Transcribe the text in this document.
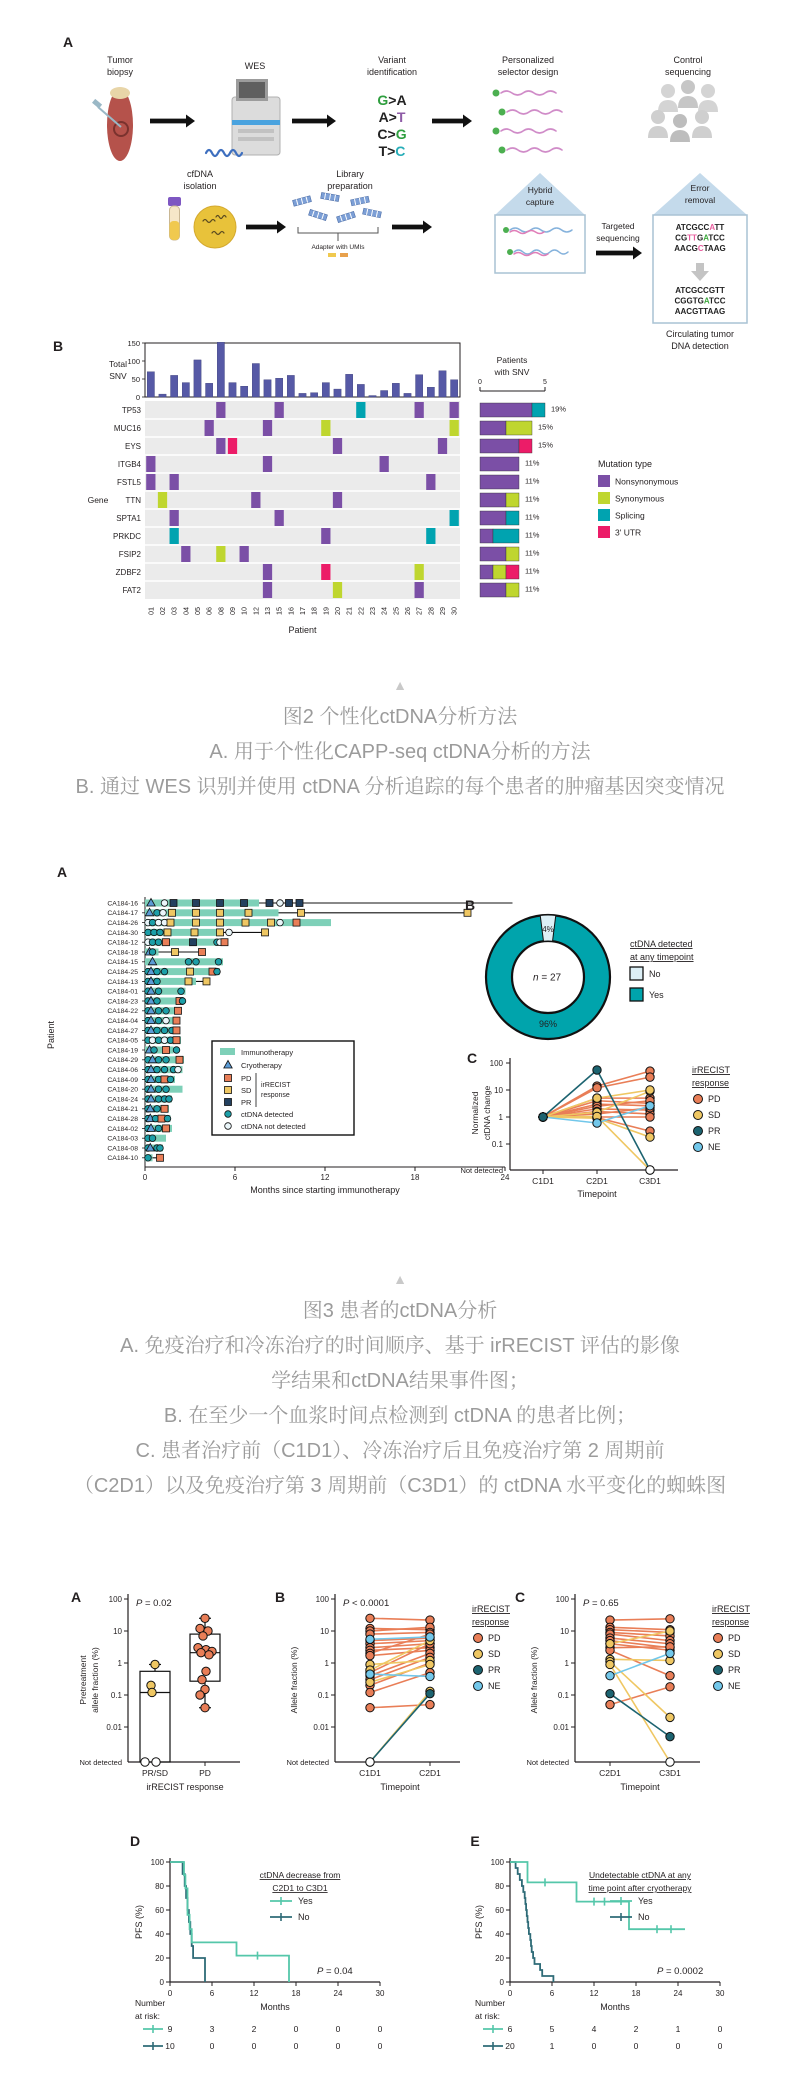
A
Tumor
biopsy
WES
Variant
identification
Personalized
selector design
Control
sequencing
G>A
A>T
C>G
T>C
cfDNA
isolation
Library
preparation
Adapter with UMIs
Hybrid
capture
Targeted
sequencing
Error
removal
ATCGCCATT
CGTTGATCC
AACGCTAAG
ATCGCCGTT
CGGTGATCC
AACGTTAAG
Circulating tumor
DNA detection
B	150
100
50
0
Total
SNV
Patients
with SNV
0	5
TP53
MUC16
EYS
ITGB4
FSTL5
TTN
SPTA1
PRKDC
FSIP2
ZDBF2
FAT2
01 02 03 04 05 06 08 09 10 12 13 15 16 17 18 19 20 21 22 23 24 25 26 27 28 29 30
Gene
Patient
19%
15%
15%
11%
11%
11%
11%
11%
11%
11%
11%
Mutation type
Nonsynonymous
Synonymous
Splicing
3' UTR
▲
图2 个性化ctDNA分析方法
A. 用于个性化CAPP-seq ctDNA分析的方法
B. 通过 WES 识别并使用 ctDNA 分析追踪的每个患者的肿瘤基因突变情况
A
0	6	12	18	24
Months since starting immunotherapy
Patient
CA184-16
CA184-17
CA184-26
CA184-30
CA184-12
CA184-18
CA184-15
CA184-25
CA184-13
CA184-01
CA184-23
CA184-22
CA184-04
CA184-27
CA184-05
CA184-19
CA184-29
CA184-06
CA184-09
CA184-20
CA184-24
CA184-21
CA184-28
CA184-02
CA184-03
CA184-08
CA184-10
Immunotherapy
Cryotherapy
PD
SD
PR
irRECIST
response
ctDNA detected
ctDNA not detected
B
4%
96%
n = 27
ctDNA detected
at any timepoint
No
Yes
C 100
10
1
0.1
Not detected
Normalized ctDNA change
C1D1	C2D1	C3D1
Timepoint
irRECIST
response
PD
SD
PR
NE
▲
图3 患者的ctDNA分析
A. 免疫治疗和冷冻治疗的时间顺序、基于 irRECIST 评估的影像
学结果和ctDNA结果事件图；
B. 在至少一个血浆时间点检测到 ctDNA 的患者比例；
C. 患者治疗前（C1D1）、冷冻治疗后且免疫治疗第 2 周期前
（C2D1）以及免疫治疗第 3 周期前（C3D1）的 ctDNA 水平变化的蜘蛛图
A	100
10
1
0.1
0.01
Not detected
P = 0.02
Pretreatment allele fraction (%)
PR/SD	PD
irRECIST response
B	100
10
1
0.1
0.01
Not detected
P < 0.0001
Allele fraction (%)
C1D1	C2D1
Timepoint
irRECIST
response
PD
SD
PR
NE
C	100
10
1
0.1
0.01
Not detected
P = 0.65
Allele fraction (%)
C2D1	C3D1
Timepoint
irRECIST
response
PD
SD
PR
NE
D
0
20
40
60
80
100
PFS (%)
0	6	12	18	24	30
Months
P = 0.04
ctDNA decrease from
C2D1 to C3D1
Yes
No
Number
at risk:
9	3	2	0	0	0
10	0	0	0	0	0
E
0
20
40
60
80
100
PFS (%)
0	6	12	18	24	30
Months
P = 0.0002
Undetectable ctDNA at any
time point after cryotherapy
Yes
No
Number
at risk:
6	5	4	2	1	0
20	1	0	0	0	0
